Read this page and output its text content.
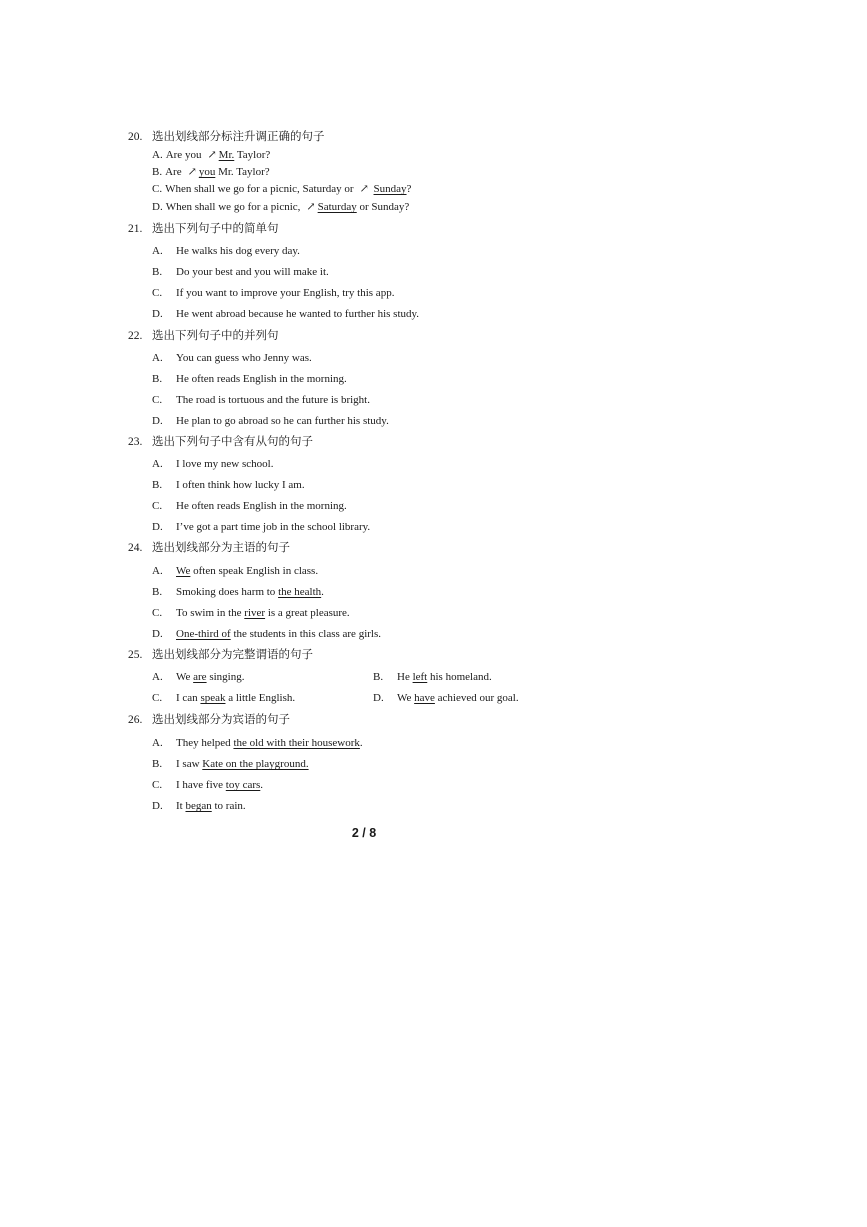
20. 选出划线部分标注升调正确的句子
A. Are you ↗ Mr. Taylor?
B. Are ↗ you Mr. Taylor?
C. When shall we go for a picnic, Saturday or ↗ Sunday?
D. When shall we go for a picnic, ↗ Saturday or Sunday?
21. 选出下列句子中的简单句
A. He walks his dog every day.
B. Do your best and you will make it.
C. If you want to improve your English, try this app.
D. He went abroad because he wanted to further his study.
22. 选出下列句子中的并列句
A. You can guess who Jenny was.
B. He often reads English in the morning.
C. The road is tortuous and the future is bright.
D. He plan to go abroad so he can further his study.
23. 选出下列句子中含有从句的句子
A. I love my new school.
B. I often think how lucky I am.
C. He often reads English in the morning.
D. I’ve got a part time job in the school library.
24. 选出划线部分为主语的句子
A. We often speak English in class.
B. Smoking does harm to the health.
C. To swim in the river is a great pleasure.
D. One-third of the students in this class are girls.
25. 选出划线部分为完整谓语的句子
A. We are singing.	B. He left his homeland.
C. I can speak a little English.	D. We have achieved our goal.
26. 选出划线部分为宾语的句子
A. They helped the old with their housework.
B. I saw Kate on the playground.
C. I have five toy cars.
D. It began to rain.
2 / 8
